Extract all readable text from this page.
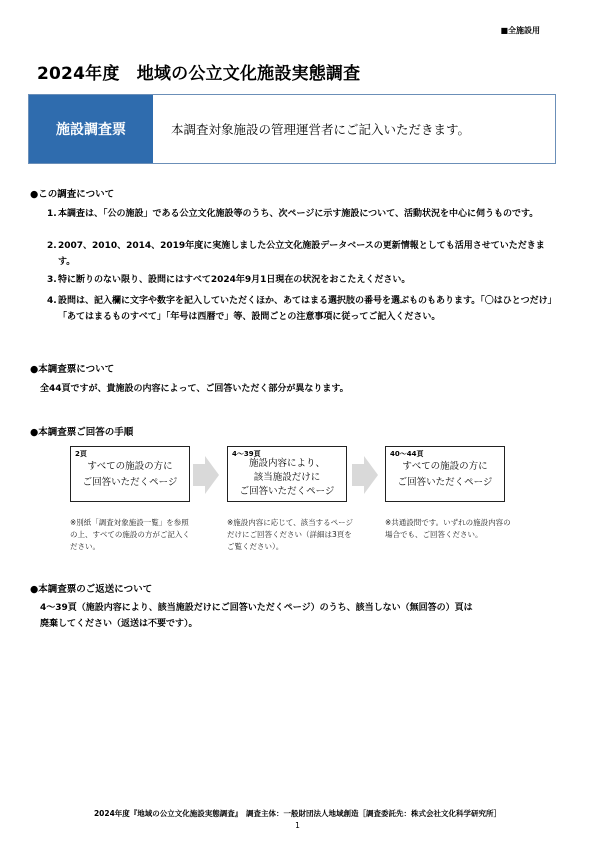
■全施設用
2024年度　地域の公立文化施設実態調査
施設調査票	本調査対象施設の管理運営者にご記入いただきます。
●この調査について
1. 本調査は、「公の施設」である公立文化施設等のうち、次ページに示す施設について、活動状況を中心に伺うものです。
2. 2007、2010、2014、2019年度に実施しました公立文化施設データベースの更新情報としても活用させていただきます。
3. 特に断りのない限り、設問にはすべて2024年9月1日現在の状況をおこたえください。
4. 設問は、記入欄に文字や数字を記入していただくほか、あてはまる選択肢の番号を選ぶものもあります。「〇はひとつだけ」「あてはまるものすべて」「年号は西暦で」等、設問ごとの注意事項に従ってご記入ください。
●本調査票について
全44頁ですが、貴施設の内容によって、ご回答いただく部分が異なります。
●本調査票ご回答の手順
2頁
すべての施設の方に
ご回答いただくページ
4～39頁
施設内容により、
該当施設だけに
ご回答いただくページ
40～44頁
すべての施設の方に
ご回答いただくページ
※別紙「調査対象施設一覧」を参照の上、すべての施設の方がご記入ください。
※施設内容に応じて、該当するページだけにご回答ください（詳細は3頁をご覧ください）。
※共通設問です。いずれの施設内容の場合でも、ご回答ください。
●本調査票のご返送について
4～39頁（施設内容により、該当施設だけにご回答いただくページ）のうち、該当しない（無回答の）頁は
廃棄してください（返送は不要です）。
2024年度『地域の公立文化施設実態調査』　調査主体：一般財団法人地域創造［調査委託先：株式会社文化科学研究所］
1
